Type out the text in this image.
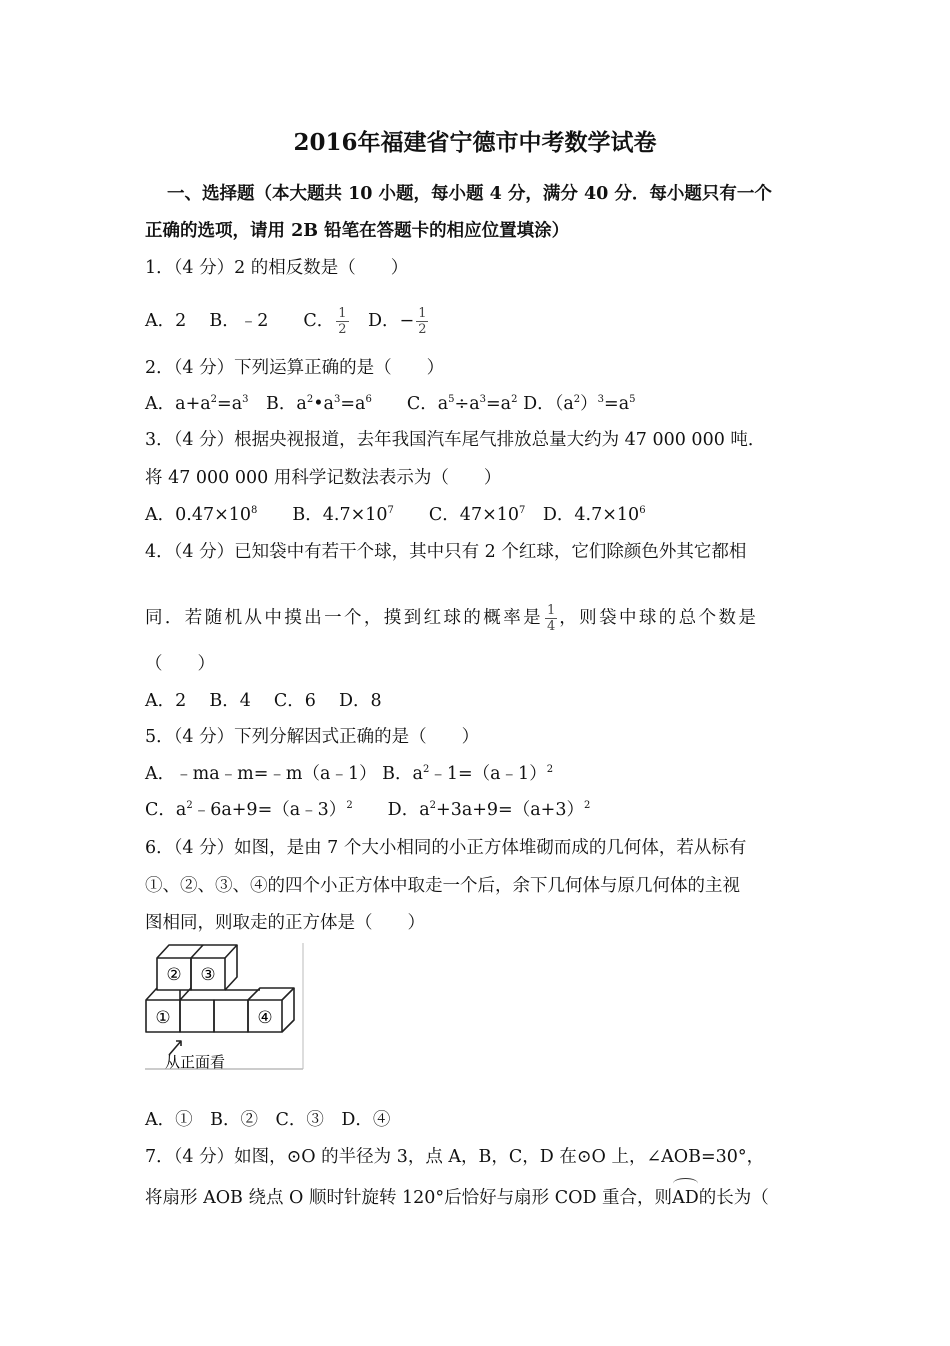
2016年福建省宁德市中考数学试卷
一、选择题（本大题共 10 小题，每小题 4 分，满分 40 分．每小题只有一个
正确的选项，请用 2B 铅笔在答题卡的相应位置填涂）
1．（4 分）2 的相反数是（　　）
A．2　 B．﹣2　　C． $\frac{1}{2}$ 　D．− $\frac{1}{2}$
2．（4 分）下列运算正确的是（　　）
A．$a+a^2=a^3$　B．$a^2•a^3=a^6$　　C．$a^5\div a^3=a^2$ D．$(a^2)^3=a^5$
3．（4 分）根据央视报道，去年我国汽车尾气排放总量大约为 47 000 000 吨．
将 47 000 000 用科学记数法表示为（　　）
A．$0.47\times 10^8$　　B．$4.7\times 10^7$　　C．$47\times 10^7$　D．$4.7\times 10^6$
4．（4 分）已知袋中有若干个球，其中只有 2 个红球，它们除颜色外其它都相
同．若随机从中摸出一个，摸到红球的概率是 $\frac{1}{4}$ ，则袋中球的总个数是
（　　）
A．2　 B．4　 C．6　 D．8
5．（4 分）下列分解因式正确的是（　　）
A．﹣ma﹣m=﹣m（a﹣1） B．$a^2﹣1=(a﹣1)^2$
C．$a^2﹣6a+9=(a﹣3)^2$　　D．$a^2+3a+9=(a+3)^2$
6．（4 分）如图，是由 7 个大小相同的小正方体堆砌而成的几何体，若从标有
①、②、③、④的四个小正方体中取走一个后，余下几何体与原几何体的主视
图相同，则取走的正方体是（　　）
② ③
①	④
从正面看
A．①　B．②　C．③　D．④
7．（4 分）如图，⊙O 的半径为 3，点 A，B，C，D 在⊙O 上，∠AOB=30°，
将扇形 AOB 绕点 O 顺时针旋转 120°后恰好与扇形 COD 重合，则AD的长为（
